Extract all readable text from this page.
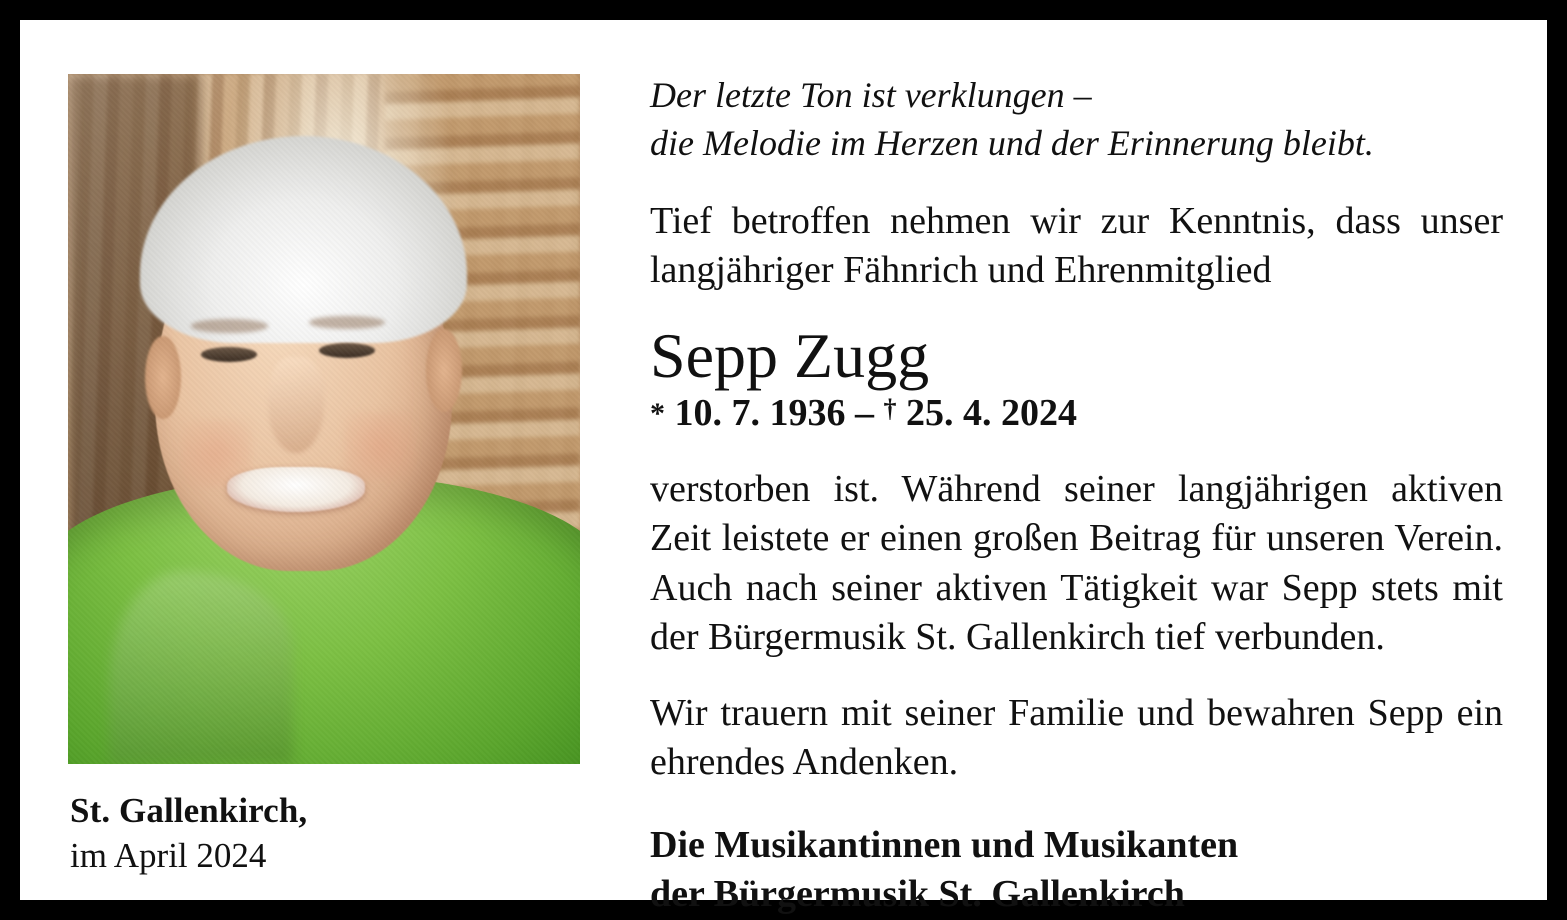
St. Gallenkirch,
im April 2024
Der letzte Ton ist verklungen –
die Melodie im Herzen und der Erinnerung bleibt.
Tief betroffen nehmen wir zur Kenntnis, dass unser langjähriger Fähnrich und Ehrenmitglied
Sepp Zugg
* 10. 7. 1936 – † 25. 4. 2024
verstorben ist. Während seiner langjährigen aktiven Zeit leistete er einen großen Beitrag für unseren Verein. Auch nach seiner aktiven Tätigkeit war Sepp stets mit der Bürgermusik St. Gallenkirch tief verbunden.
Wir trauern mit seiner Familie und bewahren Sepp ein ehrendes Andenken.
Die Musikantinnen und Musikanten
der Bürgermusik St. Gallenkirch
